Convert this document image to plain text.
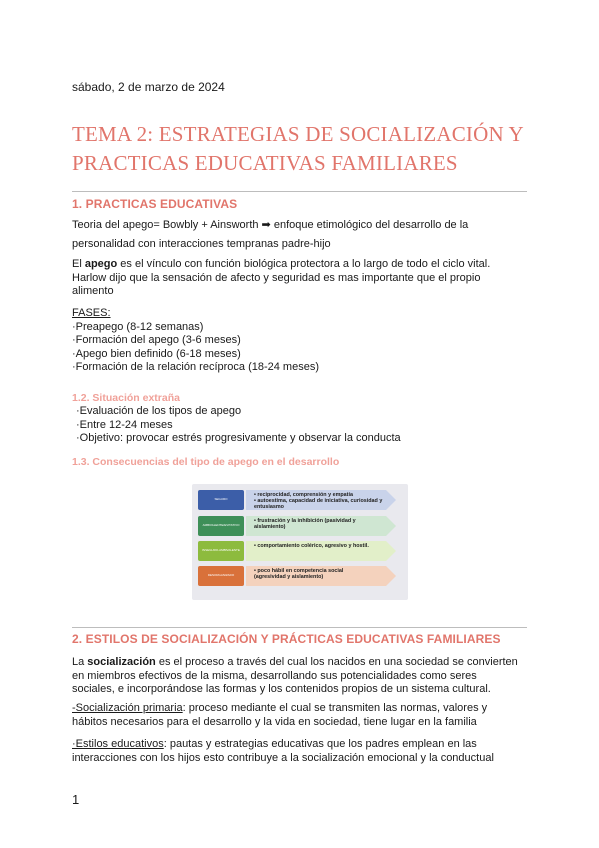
sábado, 2 de marzo de 2024
TEMA 2: ESTRATEGIAS DE SOCIALIZACIÓN Y
PRACTICAS EDUCATIVAS FAMILIARES
1. PRACTICAS EDUCATIVAS
Teoria del apego= Bowbly + Ainsworth ➡ enfoque etimológico del desarrollo de la
personalidad con interacciones tempranas padre-hijo
El apego es el vínculo con función biológica protectora a lo largo de todo el ciclo vital.
Harlow dijo que la sensación de afecto y seguridad es mas importante que el propio
alimento
FASES:
·Preapego (8-12 semanas)
·Formación del apego (3-6 meses)
·Apego bien definido (6-18 meses)
·Formación de la relación recíproca (18-24 meses)
1.2. Situación extraña
·Evaluación de los tipos de apego
·Entre 12-24 meses
·Objetivo: provocar estrés progresivamente y observar la conducta
1.3. Consecuencias del tipo de apego en el desarrollo
SEGURO
• reciprocidad, comprensión y empatía
• autoestima, capacidad de iniciativa, curiosidad y entusiasmo
AMBIVALENTE/EVITATIVO
• frustración y la inhibición (pasividad y
aislamiento)
INSEGURO-AMBIVALENTE
• comportamiento colérico, agresivo y hostil.
DESORGANIZADO
• poco hábil en competencia social
(agresividad y aislamiento)
2. ESTILOS DE SOCIALIZACIÓN Y PRÁCTICAS EDUCATIVAS FAMILIARES
La socialización es el proceso a través del cual los nacidos en una sociedad se convierten
en miembros efectivos de la misma, desarrollando sus potencialidades como seres
sociales, e incorporándose las formas y los contenidos propios de un sistema cultural.
-Socialización primaria: proceso mediante el cual se transmiten las normas, valores y
hábitos necesarios para el desarrollo y la vida en sociedad, tiene lugar en la familia
·Estilos educativos: pautas y estrategias educativas que los padres emplean en las
interacciones con los hijos esto contribuye a la socialización emocional y la conductual
1
